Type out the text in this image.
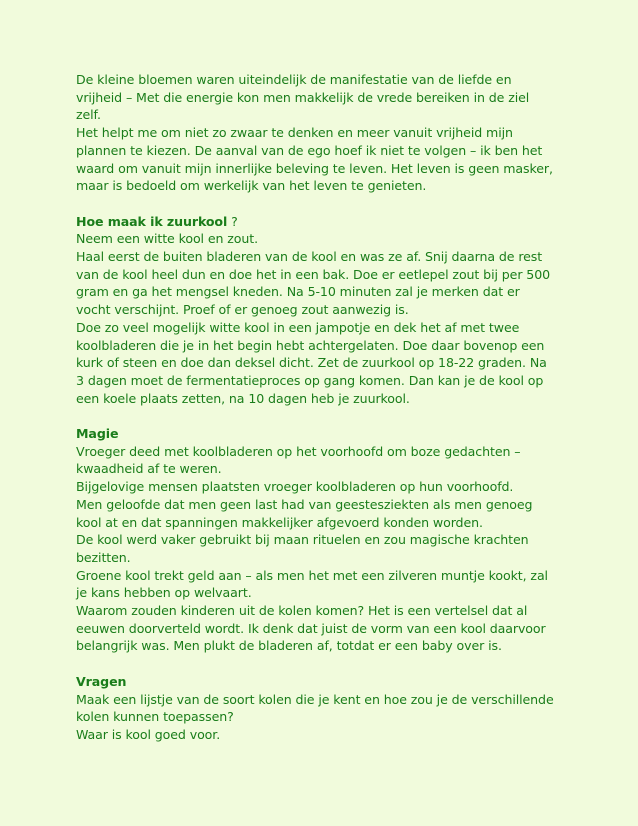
De kleine bloemen waren uiteindelijk de manifestatie van de liefde en
vrijheid – Met die energie kon men makkelijk de vrede bereiken in de ziel
zelf.
Het helpt me om niet zo zwaar te denken en meer vanuit vrijheid mijn
plannen te kiezen. De aanval van de ego hoef ik niet te volgen – ik ben het
waard om vanuit mijn innerlijke beleving te leven. Het leven is geen masker,
maar is bedoeld om werkelijk van het leven te genieten.
Hoe maak ik zuurkool ?
Neem een witte kool en zout.
Haal eerst de buiten bladeren van de kool en was ze af. Snij daarna de rest
van de kool heel dun en doe het in een bak. Doe er eetlepel zout bij per 500
gram en ga het mengsel kneden. Na 5-10 minuten zal je merken dat er
vocht verschijnt. Proef of er genoeg zout aanwezig is.
Doe zo veel mogelijk witte kool in een jampotje en dek het af met twee
koolbladeren die je in het begin hebt achtergelaten. Doe daar bovenop een
kurk of steen en doe dan deksel dicht. Zet de zuurkool op 18-22 graden. Na
3 dagen moet de fermentatieproces op gang komen. Dan kan je de kool op
een koele plaats zetten, na 10 dagen heb je zuurkool.
Magie
Vroeger deed met koolbladeren op het voorhoofd om boze gedachten –
kwaadheid af te weren.
Bijgelovige mensen plaatsten vroeger koolbladeren op hun voorhoofd.
Men geloofde dat men geen last had van geestesziekten als men genoeg
kool at en dat spanningen makkelijker afgevoerd konden worden.
De kool werd vaker gebruikt bij maan rituelen en zou magische krachten
bezitten.
Groene kool trekt geld aan – als men het met een zilveren muntje kookt, zal
je kans hebben op welvaart.
Waarom zouden kinderen uit de kolen komen? Het is een vertelsel dat al
eeuwen doorverteld wordt. Ik denk dat juist de vorm van een kool daarvoor
belangrijk was. Men plukt de bladeren af, totdat er een baby over is.
Vragen
Maak een lijstje van de soort kolen die je kent en hoe zou je de verschillende
kolen kunnen toepassen?
Waar is kool goed voor.
